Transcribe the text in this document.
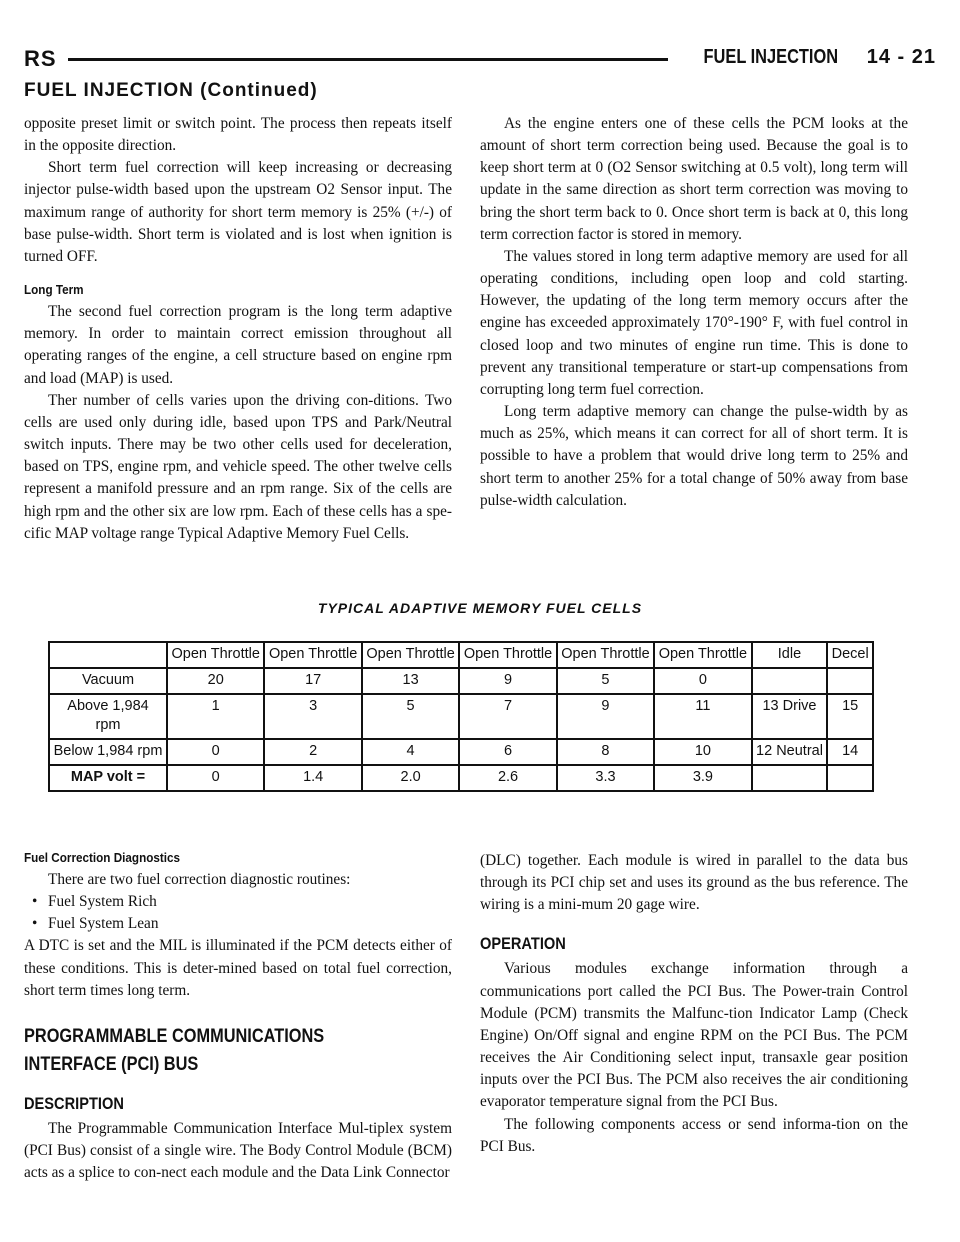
RS	FUEL INJECTION 14 - 21
FUEL INJECTION (Continued)

opposite preset limit or switch point. The process then repeats itself in the opposite direction.

Short term fuel correction will keep increasing or decreasing injector pulse-width based upon the upstream O2 Sensor input. The maximum range of authority for short term memory is 25% (+/-) of base pulse-width. Short term is violated and is lost when ignition is turned OFF.

Long Term

The second fuel correction program is the long term adaptive memory. In order to maintain correct emission throughout all operating ranges of the engine, a cell structure based on engine rpm and load (MAP) is used.

Ther number of cells varies upon the driving con-ditions. Two cells are used only during idle, based upon TPS and Park/Neutral switch inputs. There may be two other cells used for deceleration, based on TPS, engine rpm, and vehicle speed. The other twelve cells represent a manifold pressure and an rpm range. Six of the cells are high rpm and the other six are low rpm. Each of these cells has a spe-cific MAP voltage range Typical Adaptive Memory Fuel Cells.

As the engine enters one of these cells the PCM looks at the amount of short term correction being used. Because the goal is to keep short term at 0 (O2 Sensor switching at 0.5 volt), long term will update in the same direction as short term correction was moving to bring the short term back to 0. Once short term is back at 0, this long term correction factor is stored in memory.

The values stored in long term adaptive memory are used for all operating conditions, including open loop and cold starting. However, the updating of the long term memory occurs after the engine has exceeded approximately 170°-190° F, with fuel control in closed loop and two minutes of engine run time. This is done to prevent any transitional temperature or start-up compensations from corrupting long term fuel correction.

Long term adaptive memory can change the pulse-width by as much as 25%, which means it can correct for all of short term. It is possible to have a problem that would drive long term to 25% and short term to another 25% for a total change of 50% away from base pulse-width calculation.

TYPICAL ADAPTIVE MEMORY FUEL CELLS
	Open Throttle	Open Throttle	Open Throttle	Open Throttle	Open Throttle	Open Throttle	Idle	Decel
Vacuum	20	17	13	9	5	0		
Above 1,984 rpm	1	3	5	7	9	11	13 Drive	15
Below 1,984 rpm	0	2	4	6	8	10	12 Neutral	14
MAP volt =	0	1.4	2.0	2.6	3.3	3.9		
Fuel Correction Diagnostics

There are two fuel correction diagnostic routines:

• Fuel System Rich

• Fuel System Lean

A DTC is set and the MIL is illuminated if the PCM detects either of these conditions. This is deter-mined based on total fuel correction, short term times long term.

PROGRAMMABLE COMMUNICATIONS
INTERFACE (PCI) BUS
DESCRIPTION

The Programmable Communication Interface Mul-tiplex system (PCI Bus) consist of a single wire. The Body Control Module (BCM) acts as a splice to con-nect each module and the Data Link Connector

(DLC) together. Each module is wired in parallel to the data bus through its PCI chip set and uses its ground as the bus reference. The wiring is a mini-mum 20 gage wire.

OPERATION

Various modules exchange information through a communications port called the PCI Bus. The Power-train Control Module (PCM) transmits the Malfunc-tion Indicator Lamp (Check Engine) On/Off signal and engine RPM on the PCI Bus. The PCM receives the Air Conditioning select input, transaxle gear position inputs over the PCI Bus. The PCM also receives the air conditioning evaporator temperature signal from the PCI Bus.

The following components access or send informa-tion on the PCI Bus.
